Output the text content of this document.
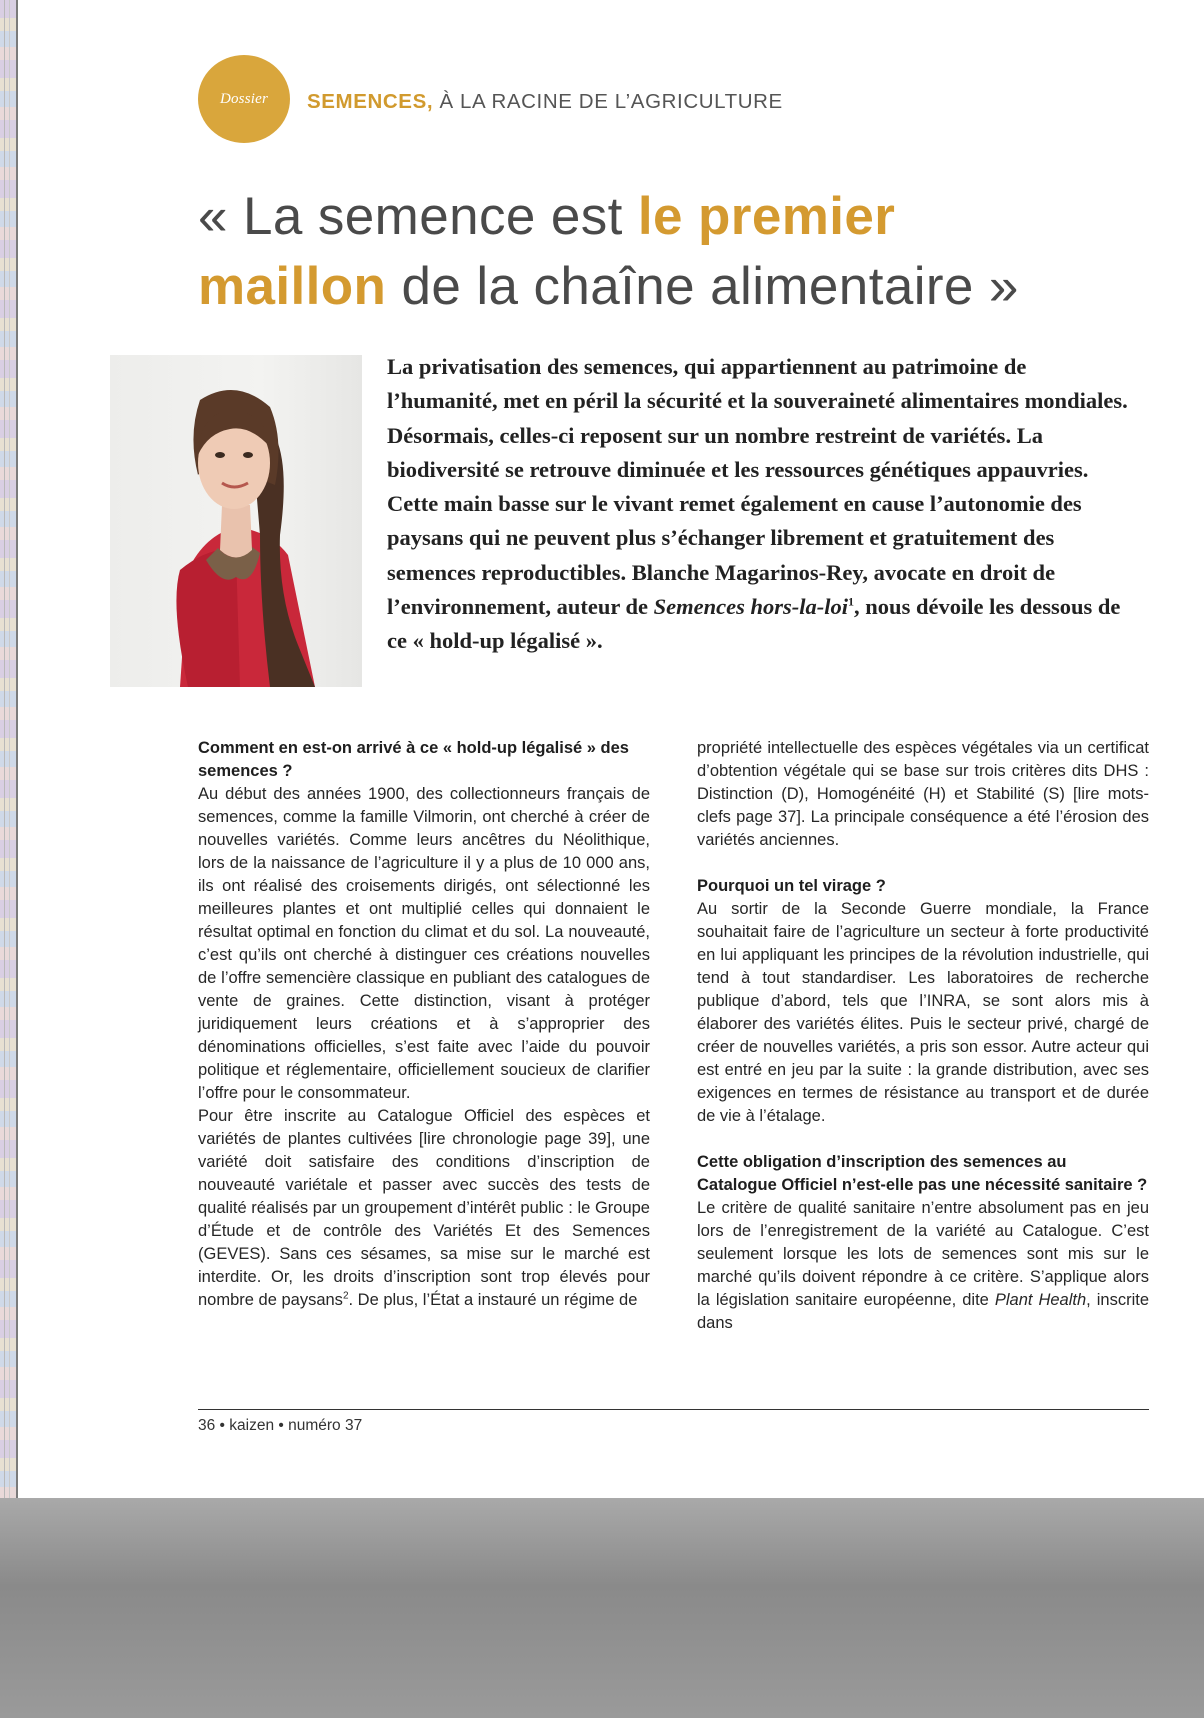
Dossier SEMENCES, À LA RACINE DE L’AGRICULTURE
« La semence est le premier
maillon de la chaîne alimentaire »
La privatisation des semences, qui appartiennent au patrimoine de l’humanité, met en péril la sécurité et la souveraineté alimentaires mondiales. Désormais, celles-ci reposent sur un nombre restreint de variétés. La biodiversité se retrouve diminuée et les ressources génétiques appauvries. Cette main basse sur le vivant remet également en cause l’autonomie des paysans qui ne peuvent plus s’échanger librement et gratuitement des semences reproductibles. Blanche Magarinos-Rey, avocate en droit de l’environnement, auteur de Semences hors-la-loi$^1$, nous dévoile les dessous de ce « hold-up légalisé ».
Comment en est-on arrivé à ce « hold-up légalisé » des semences ?

Au début des années 1900, des collectionneurs français de semences, comme la famille Vilmorin, ont cherché à créer de nouvelles variétés. Comme leurs ancêtres du Néolithique, lors de la naissance de l’agriculture il y a plus de 10 000 ans, ils ont réalisé des croisements dirigés, ont sélectionné les meilleures plantes et ont multiplié celles qui donnaient le résultat optimal en fonction du climat et du sol. La nouveauté, c’est qu’ils ont cherché à distinguer ces créations nouvelles de l’offre semencière classique en publiant des catalogues de vente de graines. Cette distinction, visant à protéger juridiquement leurs créations et à s’approprier des dénominations officielles, s’est faite avec l’aide du pouvoir politique et réglementaire, officiellement soucieux de clarifier l’offre pour le consommateur.

Pour être inscrite au Catalogue Officiel des espèces et variétés de plantes cultivées [lire chronologie page 39], une variété doit satisfaire des conditions d’inscription de nouveauté variétale et passer avec succès des tests de qualité réalisés par un groupement d’intérêt public : le Groupe d’Étude et de contrôle des Variétés Et des Semences (GEVES). Sans ces sésames, sa mise sur le marché est interdite. Or, les droits d’inscription sont trop élevés pour nombre de paysans$^2$. De plus, l’État a instauré un régime de

propriété intellectuelle des espèces végétales via un certificat d’obtention végétale qui se base sur trois critères dits DHS : Distinction (D), Homogénéité (H) et Stabilité (S) [lire mots-clefs page 37]. La principale conséquence a été l’érosion des variétés anciennes.

Pourquoi un tel virage ?

Au sortir de la Seconde Guerre mondiale, la France souhaitait faire de l’agriculture un secteur à forte productivité en lui appliquant les principes de la révolution industrielle, qui tend à tout standardiser. Les laboratoires de recherche publique d’abord, tels que l’INRA, se sont alors mis à élaborer des variétés élites. Puis le secteur privé, chargé de créer de nouvelles variétés, a pris son essor. Autre acteur qui est entré en jeu par la suite : la grande distribution, avec ses exigences en termes de résistance au transport et de durée de vie à l’étalage.

Cette obligation d’inscription des semences au Catalogue Officiel n’est-elle pas une nécessité sanitaire ?

Le critère de qualité sanitaire n’entre absolument pas en jeu lors de l’enregistrement de la variété au Catalogue. C’est seulement lorsque les lots de semences sont mis sur le marché qu’ils doivent répondre à ce critère. S’applique alors la législation sanitaire européenne, dite Plant Health, inscrite dans

36 • kaizen • numéro 37
